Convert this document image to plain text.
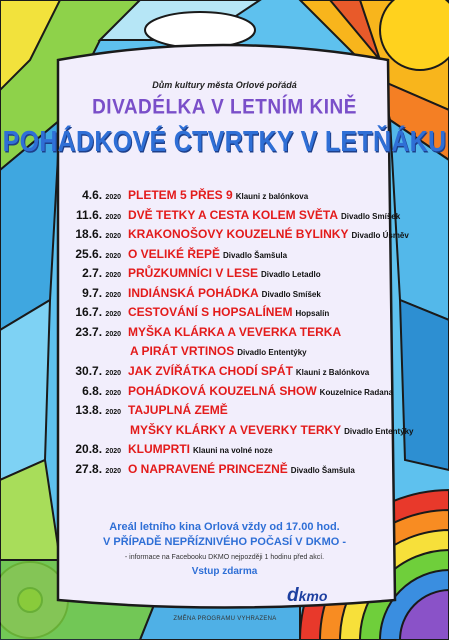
Dům kultury města Orlové pořádá
DIVADÉLKA V LETNÍM KINĚ
POHÁDKOVÉ ČTVRTKY V LETŇÁKU
4.6. 2020 PLETEM 5 PŘES 9 Klauni z balónkova
11.6. 2020 DVĚ TETKY A CESTA KOLEM SVĚTA Divadlo Smíšek
18.6. 2020 KRAKONOŠOVY KOUZELNÉ BYLINKY Divadlo Úsměv
25.6. 2020 O VELIKÉ ŘEPĚ Divadlo Šamšula
2.7. 2020 PRŮZKUMNÍCI V LESE Divadlo Letadlo
9.7. 2020 INDIÁNSKÁ POHÁDKA Divadlo Smíšek
16.7. 2020 CESTOVÁNÍ S HOPSALÍNEM Hopsalín
23.7. 2020 MYŠKA KLÁRKA A VEVERKA TERKA
A PIRÁT VRTINOS Divadlo Ententýky
30.7. 2020 JAK ZVÍŘÁTKA CHODÍ SPÁT Klauni z Balónkova
6.8. 2020 POHÁDKOVÁ KOUZELNÁ SHOW Kouzelnice Radana
13.8. 2020 TAJUPLNÁ ZEMĚ
MYŠKY KLÁRKY A VEVERKY TERKY Divadlo Ententýky
20.8. 2020 KLUMPRTI Klauni na volné noze
27.8. 2020 O NAPRAVENÉ PRINCEZNĚ Divadlo Šamšula
Areál letního kina Orlová vždy od 17.00 hod.
V PŘÍPADĚ NEPŘÍZNIVÉHO POČASÍ V DKMO -
- informace na Facebooku DKMO nejpozději 1 hodinu před akcí.
Vstup zdarma
dkmo
ZMĚNA PROGRAMU VYHRAZENA
